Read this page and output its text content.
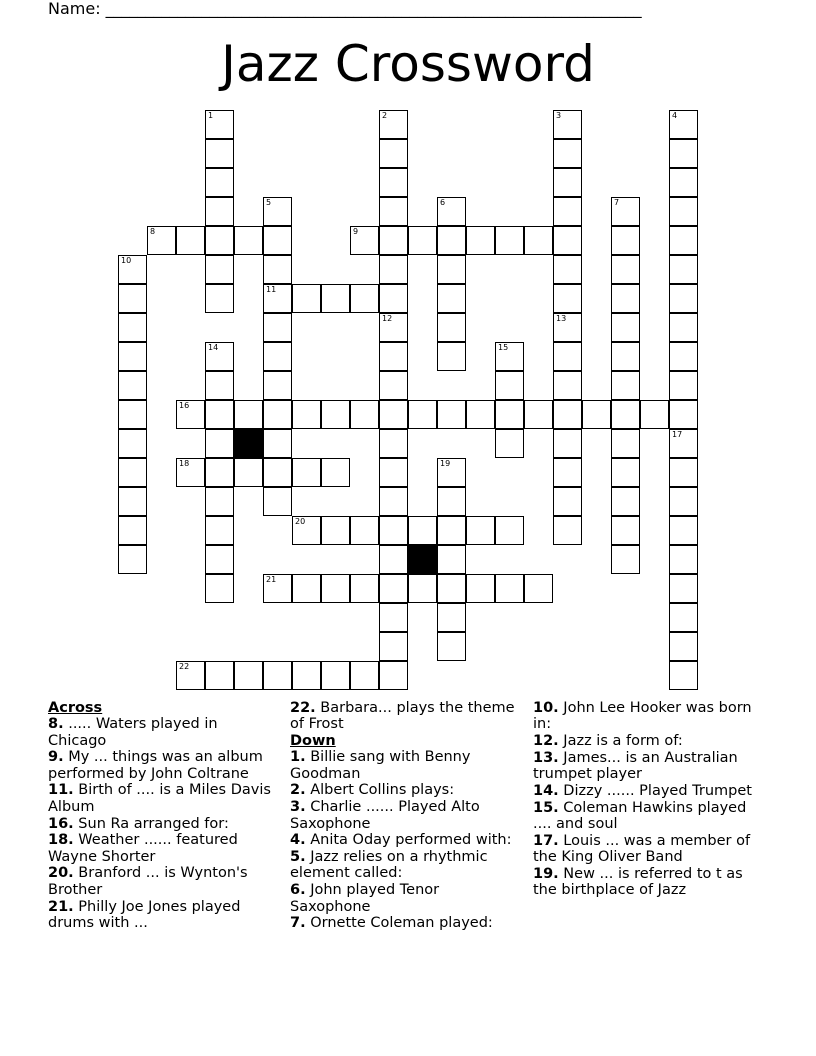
Name: ___________________________________________________________________
Jazz Crossword
1	2	3	4
5
11
6	7
8	9
10
12	13
14	15
16
17
18	19
20
21
22
Across
8. ..... Waters played in Chicago
9. My ... things was an album performed by John Coltrane
11. Birth of .... is a Miles Davis Album
16. Sun Ra arranged for:
18. Weather ...... featured Wayne Shorter
20. Branford ... is Wynton's Brother
21. Philly Joe Jones played drums with ...
22. Barbara... plays the theme of Frost
Down
1. Billie sang with Benny Goodman
2. Albert Collins plays:
3. Charlie ...... Played Alto Saxophone
4. Anita Oday performed with:
5. Jazz relies on a rhythmic element called:
6. John played Tenor Saxophone
7. Ornette Coleman played:
10. John Lee Hooker was born in:
12. Jazz is a form of:
13. James... is an Australian trumpet player
14. Dizzy ...... Played Trumpet
15. Coleman Hawkins played .... and soul
17. Louis ... was a member of the King Oliver Band
19. New ... is referred to t as the birthplace of Jazz
